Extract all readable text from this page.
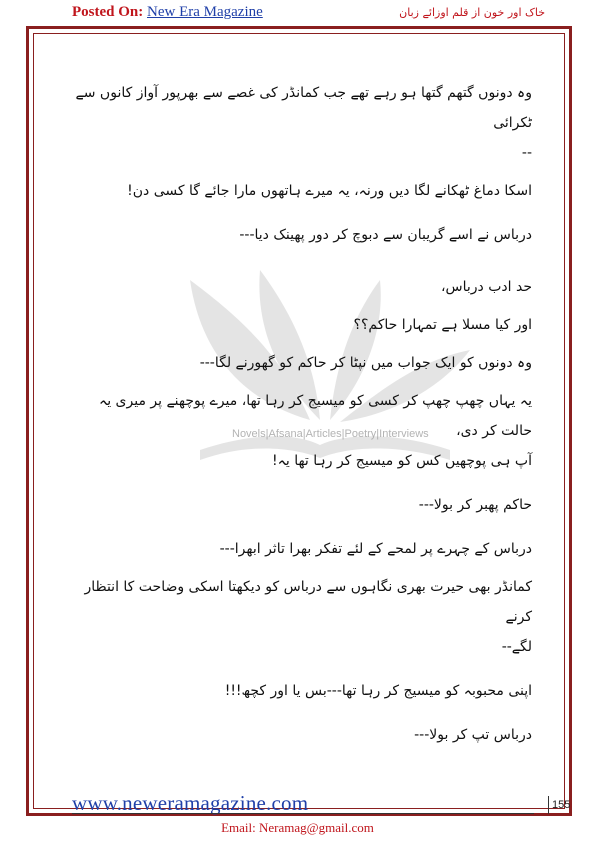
Posted On: New Era Magazine	خاک اور خون از قلم اوزائے زبان
Novels|Afsana|Articles|Poetry|Interviews

وہ دونوں گتھم گتھا ہو رہے تھے جب کمانڈر کی غصے سے بھرپور آواز کانوں سے ٹکرائی

--

اسکا دماغ ٹھکانے لگا دیں ورنہ، یہ میرے ہاتھوں مارا جائے گا کسی دن!

درباس نے اسے گریبان سے دبوچ کر دور پھینک دیا---

حد ادب درباس،

اور کیا مسلا ہے تمہارا حاکم؟؟

وہ دونوں کو ایک جواب میں نپٹا کر حاکم کو گھورنے لگا---

یہ یہاں چھپ چھپ کر کسی کو میسیج کر رہا تھا، میرے پوچھنے پر میری یہ حالت کر دی،

آپ ہی پوچھیں کس کو میسیج کر رہا تھا یہ!

حاکم پھبر کر بولا---

درباس کے چہرے پر لمحے کے لئے تفکر بھرا تاثر ابھرا---

کمانڈر بھی حیرت بھری نگاہوں سے درباس کو دیکھتا اسکی وضاحت کا انتظار کرنے

لگے--

اپنی محبوبہ کو میسیج کر رہا تھا---بس یا اور کچھ!!!

درباس تپ کر بولا---

www.neweramagazine.com	155
Email: Neramag@gmail.com
